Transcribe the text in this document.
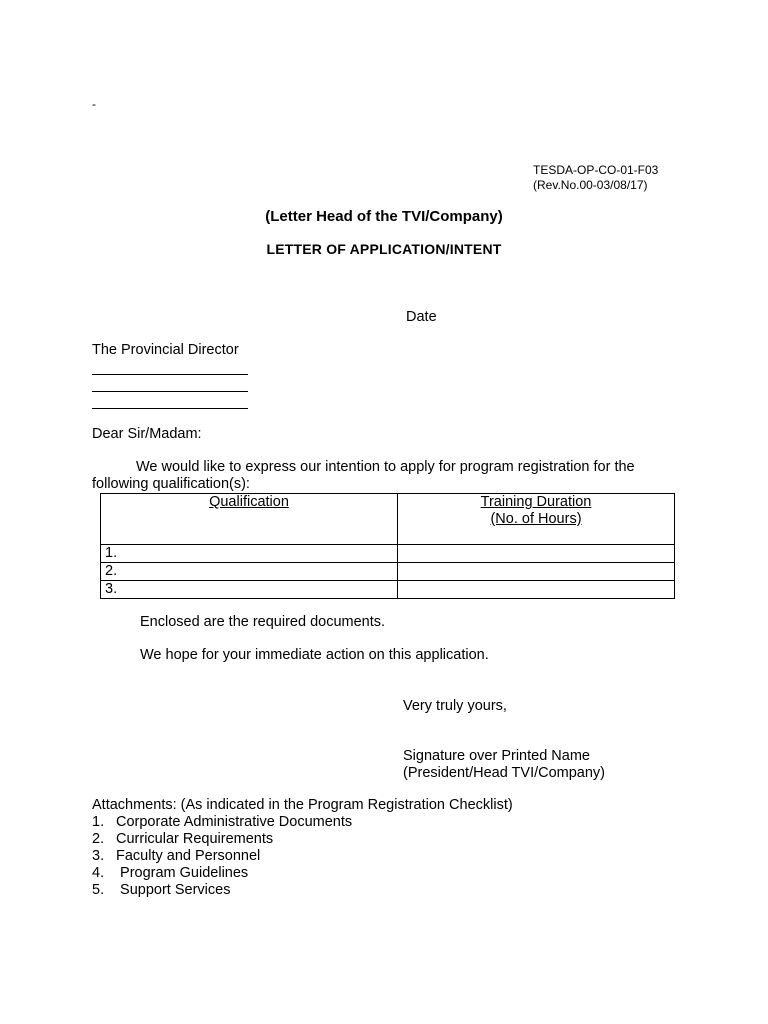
-
TESDA-OP-CO-01-F03
(Rev.No.00-03/08/17)
(Letter Head of the TVI/Company)
LETTER OF APPLICATION/INTENT
Date
The Provincial Director
Dear Sir/Madam:
We would like to express our intention to apply for program registration for the following qualification(s):
Qualification	Training Duration
(No. of Hours)
1.	
2.	
3.	
Enclosed are the required documents.
We hope for your immediate action on this application.
Very truly yours,
Signature over Printed Name
(President/Head TVI/Company)
Attachments: (As indicated in the Program Registration Checklist)
1. Corporate Administrative Documents
2. Curricular Requirements
3. Faculty and Personnel
4. Program Guidelines
5. Support Services
